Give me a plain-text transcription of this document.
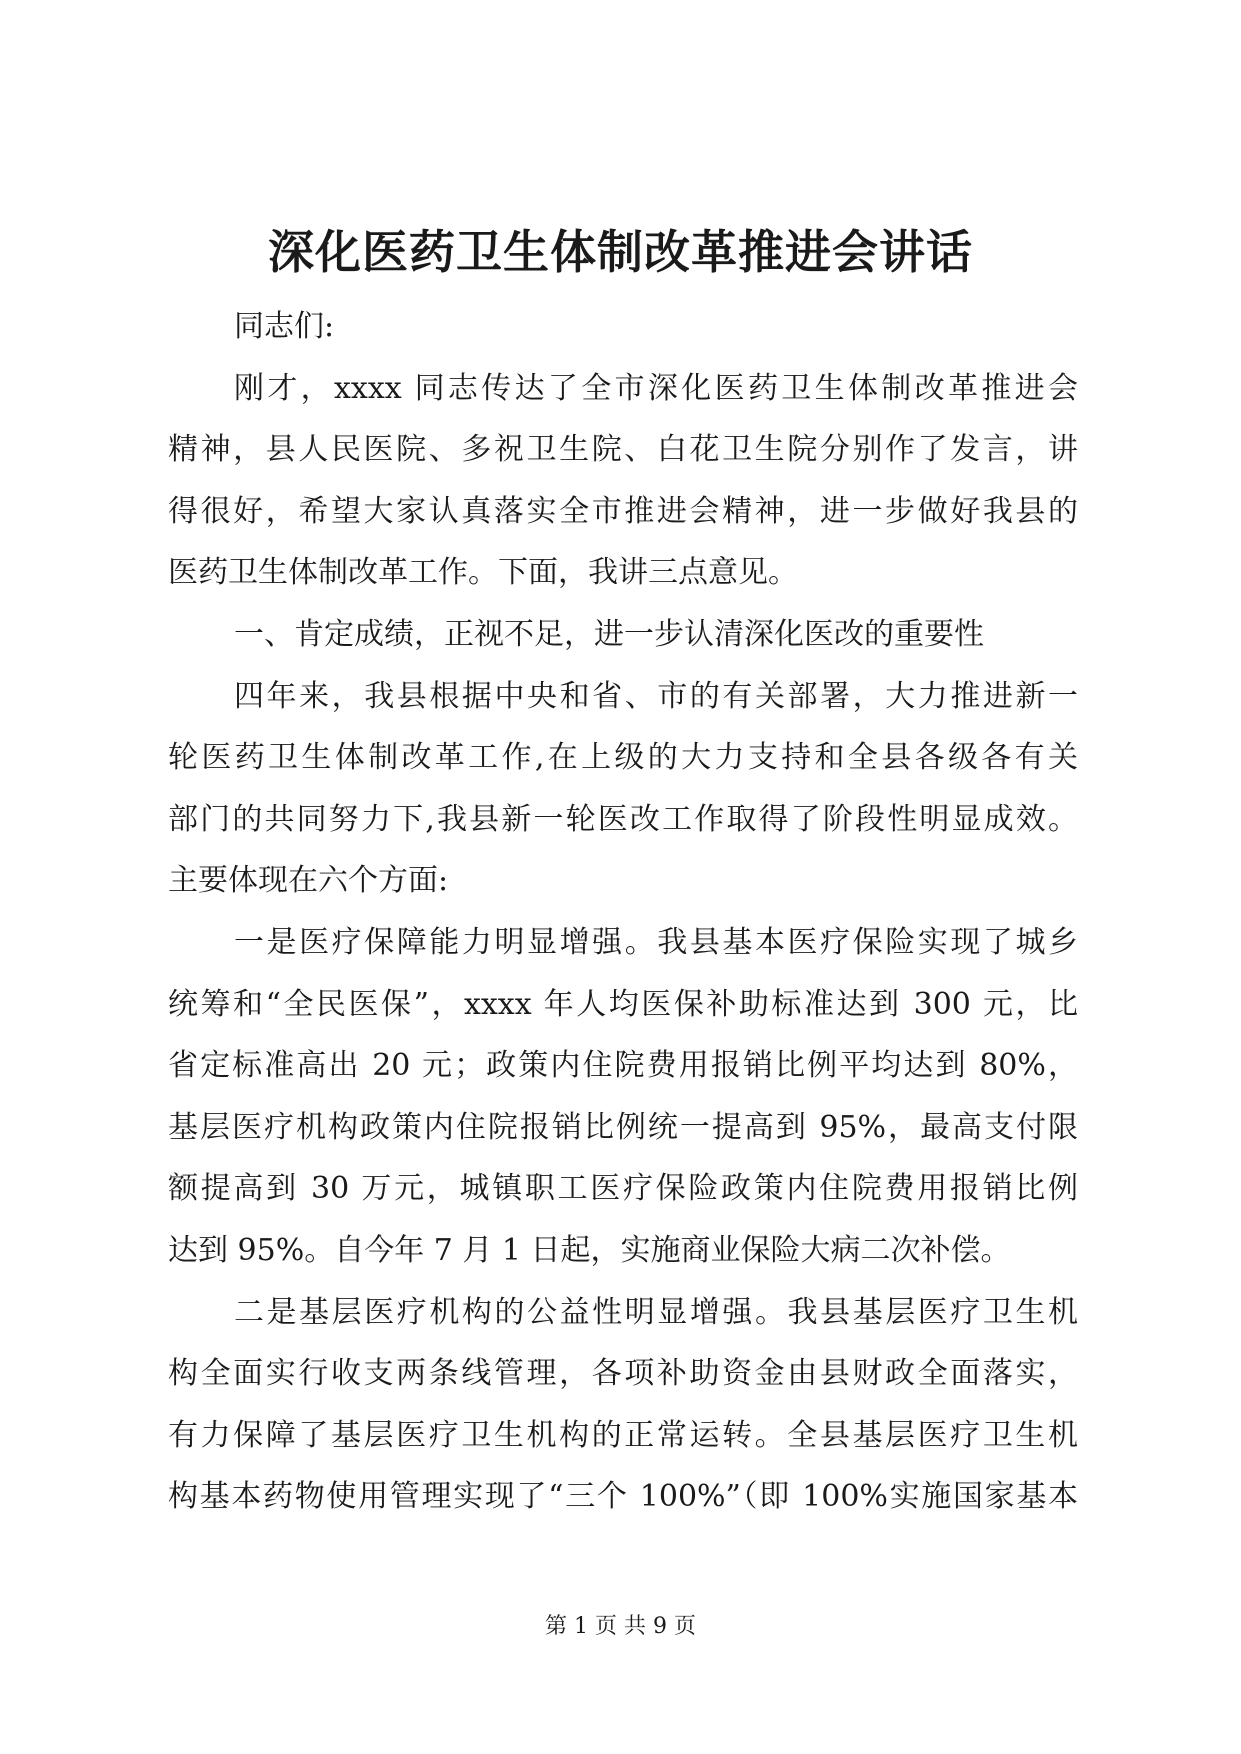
深化医药卫生体制改革推进会讲话
同志们:
刚才，xxxx 同志传达了全市深化医药卫生体制改革推进会
精神，县人民医院、多祝卫生院、白花卫生院分别作了发言，讲
得很好，希望大家认真落实全市推进会精神，进一步做好我县的
医药卫生体制改革工作。下面，我讲三点意见。
一、肯定成绩，正视不足，进一步认清深化医改的重要性
四年来，我县根据中央和省、市的有关部署，大力推进新一
轮医药卫生体制改革工作,在上级的大力支持和全县各级各有关
部门的共同努力下,我县新一轮医改工作取得了阶段性明显成效。
主要体现在六个方面:
一是医疗保障能力明显增强。我县基本医疗保险实现了城乡
统筹和“全民医保”，xxxx 年人均医保补助标准达到 300 元，比
省定标准高出 20 元；政策内住院费用报销比例平均达到 80%，
基层医疗机构政策内住院报销比例统一提高到 95%，最高支付限
额提高到 30 万元，城镇职工医疗保险政策内住院费用报销比例
达到 95%。自今年 7 月 1 日起，实施商业保险大病二次补偿。
二是基层医疗机构的公益性明显增强。我县基层医疗卫生机
构全面实行收支两条线管理，各项补助资金由县财政全面落实，
有力保障了基层医疗卫生机构的正常运转。全县基层医疗卫生机
构基本药物使用管理实现了“三个 100%”（即 100%实施国家基本
第 1 页 共 9 页
